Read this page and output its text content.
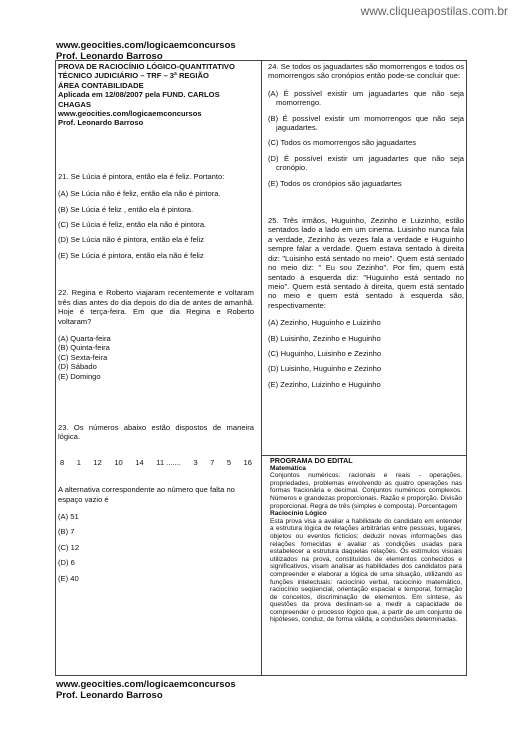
www.cliqueapostilas.com.br
www.geocities.com/logicaemconcursos
Prof. Leonardo Barroso
PROVA DE RACIOCÍNIO LÓGICO-QUANTITATIVO
TÉCNICO JUDICIÁRIO – TRF – 3ª REGIÃO
ÁREA CONTABILIDADE
Aplicada em 12/08/2007 pela FUND. CARLOS CHAGAS
www.geocities.com/logicaemconcursos
Prof. Leonardo Barroso

21. Se Lúcia é pintora, então ela é feliz. Portanto:

(A) Se Lúcia não é feliz, então ela não é pintora.
(B) Se Lúcia é feliz , então ela é pintora.
(C) Se Lúcia é feliz, então ela não é pintora.
(D) Se Lúcia não é pintora, então ela é feliz
(E) Se Lúcia é pintora, então ela não é feliz

22. Regina e Roberto viajaram recentemente e voltaram três dias antes do dia depois do dia de antes de amanhã. Hoje é terça-feira. Em que dia Regina e Roberto voltaram?

(A) Quarta-feira
(B) Quinta-feira
(C) Sexta-feira
(D) Sábado
(E) Domingo

23. Os números abaixo estão dispostos de maneira lógica.

8 1 12 10 14 11 ....... 3 7 5 16

A alternativa correspondente ao número que falta no espaço vazio é

(A) 51
(B) 7
(C) 12
(D) 6
(E) 40

24. Se todos os jaguadartes são momorrengos e todos os momorrengos são cronópios então pode-se concluir que:

(A) É possível existir um jaguadartes que não seja momorrengo.
(B) É possível existir um momorrengos que não seja jaguadartes.
(C) Todos os momorrengos são jaguadartes
(D) É possível existir um jaguadartes que não seja cronópio.
(E) Todos os cronópios são jaguadartes

25. Três irmãos, Huguinho, Zezinho e Luizinho, estão sentados lado a lado em um cinema. Luisinho nunca fala a verdade, Zezinho às vezes fala a verdade e Huguinho sempre falar a verdade. Quem estava sentado à direita diz: "Luisinho está sentado no meio". Quem está sentado no meio diz: " Eu sou Zezinho". Por fim, quem está sentado à esquerda diz: "Huguinho está sentado no meio". Quem está sentado à direita, quem está sentado no meio e quem está sentado à esquerda são, respectivamente:

(A) Zezinho, Huguinho e Luizinho
(B) Luisinho, Zezinho e Huguinho
(C) Huguinho, Luisinho e Zezinho
(D) Luisinho, Huguinho e Zezinho
(E) Zezinho, Luizinho e Huguinho
PROGRAMA DO EDITAL
Matemática

Conjuntos numéricos: racionais e reais - operações, propriedades, problemas envolvendo as quatro operações nas formas fracionária e decimal. Conjuntos numéricos complexos. Números e grandezas proporcionais. Razão e proporção. Divisão proporcional. Regra de três (simples e composta). Porcentagem

Raciocínio Lógico

Esta prova visa a avaliar a habilidade do candidato em entender a estrutura lógica de relações arbitrárias entre pessoas, lugares, objetos ou eventos fictícios; deduzir novas informações das relações fornecidas e avaliar as condições usadas para estabelecer a estrutura daquelas relações. Os estímulos visuais utilizados na prova, constituídos de elementos conhecidos e significativos, visam analisar as habilidades dos candidatos para compreender e elaborar a lógica de uma situação, utilizando as funções intelectuais: raciocínio verbal, raciocínio matemático, raciocínio seqüencial, orientação espacial e temporal, formação de conceitos, discriminação de elementos. Em síntese, as questões da prova destinam-se a medir a capacidade de compreender o processo lógico que, a partir de um conjunto de hipóteses, conduz, de forma válida, a conclusões determinadas.

www.geocities.com/logicaemconcursos
Prof. Leonardo Barroso
